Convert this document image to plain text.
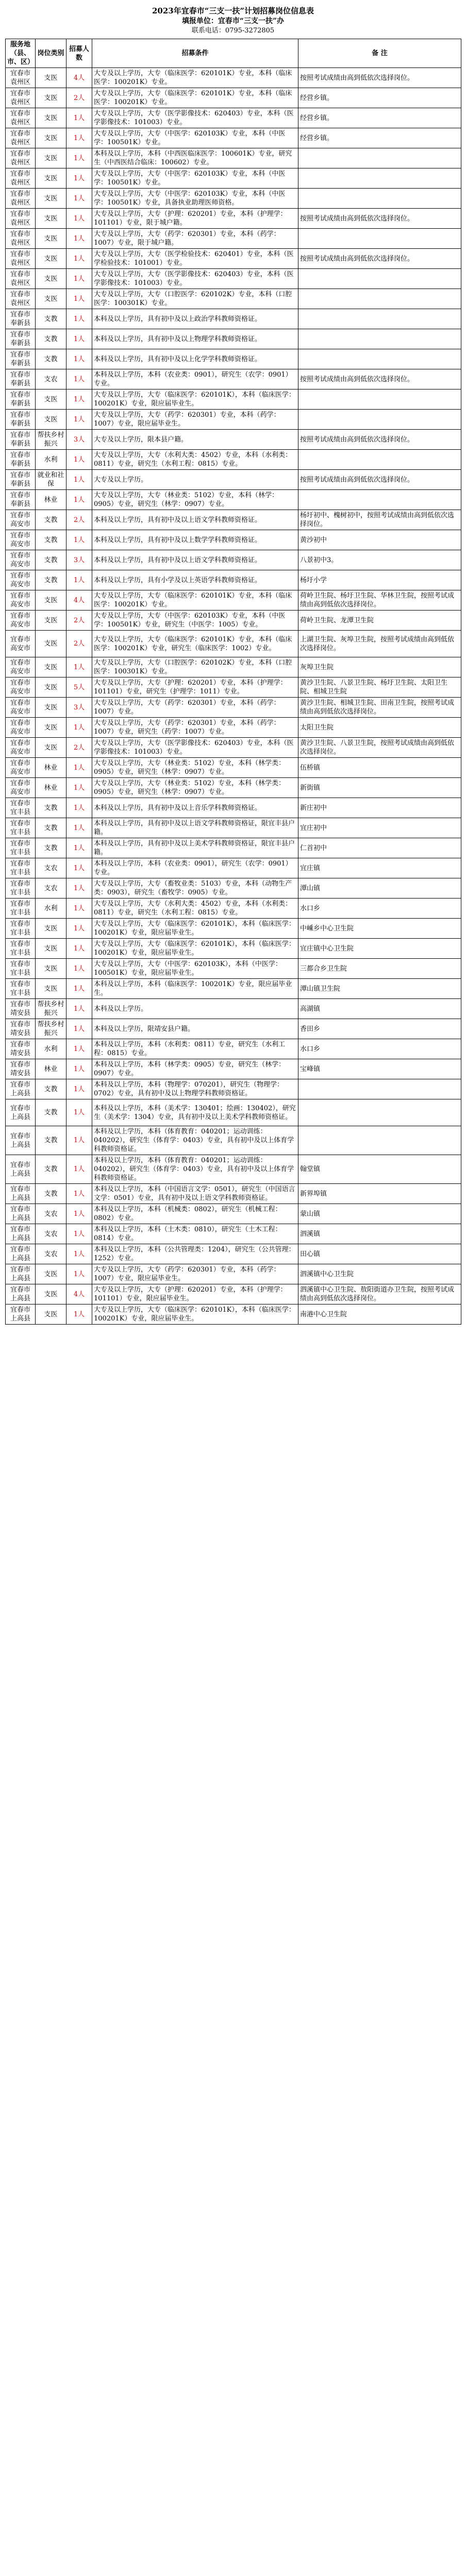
2023年宜春市“三支一扶”计划招募岗位信息表
填报单位：宜春市“三支一扶”办
联系电话：0795-3272805
服务地（县、市、区）	岗位类别	招募人数	招募条件	备 注
宜春市袁州区	支医	4人	大专及以上学历，大专（临床医学：620101K）专业，本科（临床医学：100201K）专业。	按照考试成绩由高到低依次选择岗位。
宜春市袁州区	支医	2人	大专及以上学历，大专（临床医学：620101K）专业，本科（临床医学：100201K）专业。	经营乡镇。
宜春市袁州区	支医	1人	大专及以上学历，大专（医学影像技术：620403）专业，本科（医学影像技术：101003）专业。	经营乡镇。
宜春市袁州区	支医	1人	大专及以上学历，大专（中医学：620103K）专业，本科（中医学：100501K）专业。	经营乡镇。
宜春市袁州区	支医	1人	本科及以上学历，本科（中西医临床医学：100601K）专业，研究生（中西医结合临床：100602）专业。	
宜春市袁州区	支医	1人	大专及以上学历，大专（中医学：620103K）专业，本科（中医学：100501K）专业。	
宜春市袁州区	支医	1人	大专及以上学历，大专（中医学：620103K）专业，本科（中医学：100501K）专业，具备执业助理医师资格。	
宜春市袁州区	支医	1人	大专及以上学历，大专（护理：620201）专业，本科（护理学：101101）专业，限于城户籍。	按照考试成绩由高到低依次选择岗位。
宜春市袁州区	支医	1人	大专及以上学历，大专（药学：620301）专业，本科（药学：1007）专业，限于城户籍。	
宜春市袁州区	支医	1人	大专及以上学历，大专（医学检验技术：620401）专业，本科（医学检验技术：101001）专业。	按照考试成绩由高到低依次选择岗位。
宜春市袁州区	支医	1人	大专及以上学历，大专（医学影像技术：620403）专业，本科（医学影像技术：101003）专业。	
宜春市袁州区	支医	1人	大专及以上学历，大专（口腔医学：620102K）专业，本科（口腔医学：100301K）专业。	
宜春市奉新县	支教	1人	本科及以上学历，具有初中及以上政治学科教师资格证。	
宜春市奉新县	支教	1人	本科及以上学历，具有初中及以上物理学科教师资格证。	
宜春市奉新县	支教	1人	本科及以上学历，具有初中及以上化学学科教师资格证。	
宜春市奉新县	支农	1人	本科及以上学历，本科（农业类：0901），研究生（农学：0901）专业。	按照考试成绩由高到低依次选择岗位。
宜春市奉新县	支医	1人	大专及以上学历，大专（临床医学：620101K），本科（临床医学：100201K）专业，限应届毕业生。	
宜春市奉新县	支医	1人	大专及以上学历，大专（药学：620301）专业，本科（药学：1007）专业，限应届毕业生。	
宜春市奉新县	帮扶乡村振兴	3人	大专及以上学历，限本县户籍。	按照考试成绩由高到低依次选择岗位。
宜春市奉新县	水利	1人	大专及以上学历，大专（水利大类：4502）专业，本科（水利类：0811）专业，研究生（水利工程：0815）专业。	
宜春市奉新县	就业和社保	1人	大专及以上学历。	按照考试成绩由高到低依次选择岗位。
宜春市奉新县	林业	1人	大专及以上学历，大专（林业类：5102）专业，本科（林学：0905）专业，研究生（林学：0907）专业。	
宜春市高安市	支教	2人	本科及以上学历，具有初中及以上语文学科教师资格证。	杨圩初中、槐树初中，按照考试成绩由高到低依次选择岗位。
宜春市高安市	支教	1人	本科及以上学历，具有初中及以上数学学科教师资格证。	黄沙初中
宜春市高安市	支教	3人	本科及以上学历，具有初中及以上语文学科教师资格证。	八景初中3。
宜春市高安市	支教	1人	本科及以上学历，具有小学及以上英语学科教师资格证。	杨圩小学
宜春市高安市	支医	4人	大专及以上学历，大专（临床医学：620101K）专业，本科（临床医学：100201K）专业。	荷岭卫生院、杨圩卫生院、华林卫生院，按照考试成绩由高到低依次选择岗位。
宜春市高安市	支医	2人	大专及以上学历，大专（中医学：620103K）专业，本科（中医学：100501K）专业，研究生（中医学：1005）专业。	荷岭卫生院、龙潭卫生院
宜春市高安市	支医	2人	大专及以上学历，大专（临床医学：620101K）专业，本科（临床医学：100201K）专业，研究生（临床医学：1002）专业。	上湖卫生院、灰埠卫生院，按照考试成绩由高到低依次选择岗位。
宜春市高安市	支医	1人	大专及以上学历，大专（口腔医学：620102K）专业，本科（口腔医学：100301K）专业。	灰埠卫生院
宜春市高安市	支医	5人	大专及以上学历，大专（护理：620201）专业，本科（护理学：101101）专业，研究生（护理学：1011）专业。	黄沙卫生院、八景卫生院、杨圩卫生院、太阳卫生院、相城卫生院
宜春市高安市	支医	3人	大专及以上学历，大专（药学：620301）专业，本科（药学：1007）专业。	黄沙卫生院、相城卫生院、田南卫生院，按照考试成绩由高到低依次选择岗位。
宜春市高安市	支医	1人	大专及以上学历，大专（药学：620301）专业，本科（药学：1007）专业，研究生（药学：1007）专业。	太阳卫生院
宜春市高安市	支医	2人	大专及以上学历，大专（医学影像技术：620403）专业，本科（医学影像技术：101003）专业。	黄沙卫生院、八景卫生院，按照考试成绩由高到低依次选择岗位。
宜春市高安市	林业	1人	大专及以上学历，大专（林业类：5102）专业，本科（林学类：0905）专业，研究生（林学：0907）专业。	伍桥镇
宜春市高安市	林业	1人	大专及以上学历，大专（林业类：5102）专业，本科（林学类：0905）专业，研究生（林学：0907）专业。	新街镇
宜春市宜丰县	支教	1人	本科及以上学历，具有初中及以上音乐学科教师资格证。	新庄初中
宜春市宜丰县	支教	1人	本科及以上学历，具有初中及以上语文学科教师资格证，限宜丰县户籍。	宜庄初中
宜春市宜丰县	支教	1人	本科及以上学历，具有初中及以上美术学科教师资格证，限宜丰县户籍。	仁首初中
宜春市宜丰县	支农	1人	本科及以上学历，本科（农业类：0901），研究生（农学：0901）专业。	宜庄镇
宜春市宜丰县	支农	1人	大专及以上学历，大专（畜牧业类：5103）专业，本科（动物生产类：0903），研究生（畜牧学：0905）专业。	潭山镇
宜春市宜丰县	水利	1人	大专及以上学历，大专（水利大类：4502）专业，本科（水利类：0811）专业，研究生（水利工程：0815）专业。	水口乡
宜春市宜丰县	支医	1人	大专及以上学历，大专（临床医学：620101K），本科（临床医学：100201K）专业，限应届毕业生。	中嵊乡中心卫生院
宜春市宜丰县	支医	1人	大专及以上学历，大专（临床医学：620101K），本科（临床医学：100201K）专业，限应届毕业生。	宜庄镇中心卫生院
宜春市宜丰县	支医	1人	大专及以上学历，大专（中医学：620103K），本科（中医学：100501K）专业，限应届毕业生。	三都合乡卫生院
宜春市宜丰县	支医	1人	本科及以上学历，本科（临床医学：100201K）专业，限应届毕业生。	潭山镇卫生院
宜春市靖安县	帮扶乡村振兴	1人	本科及以上学历。	高湖镇
宜春市靖安县	帮扶乡村振兴	1人	本科及以上学历，限靖安县户籍。	香田乡
宜春市靖安县	水利	1人	本科及以上学历，本科（水利类：0811）专业，研究生（水利工程：0815）专业。	水口乡
宜春市靖安县	林业	1人	本科及以上学历，本科（林学类：0905）专业，研究生（林学：0907）专业。	宝峰镇
宜春市上高县	支教	1人	本科及以上学历，本科（物理学：070201），研究生（物理学：0702）专业，具有初中及以上物理学科教师资格证。	
宜春市上高县	支教	1人	本科及以上学历，本科（美术学：130401；绘画：130402），研究生（美术学：1304）专业，具有初中及以上美术学科教师资格证。	
宜春市上高县	支教	1人	本科及以上学历，本科（体育教育：040201；运动训练：040202），研究生（体育学：0403）专业，具有初中及以上体育学科教师资格证。	
宜春市上高县	支教	1人	本科及以上学历，本科（体育教育：040201；运动训练：040202），研究生（体育学：0403）专业，具有初中及以上体育学科教师资格证。	翰堂镇
宜春市上高县	支教	1人	本科及以上学历，本科（中国语言文学：0501），研究生（中国语言文学：0501）专业，具有初中及以上语文学科教师资格证。	新界埠镇
宜春市上高县	支农	1人	本科及以上学历，本科（机械类：0802），研究生（机械工程：0802）专业。	蒙山镇
宜春市上高县	支农	1人	本科及以上学历，本科（土木类：0810），研究生（土木工程：0814）专业。	泗溪镇
宜春市上高县	支农	1人	本科及以上学历，本科（公共管理类：1204），研究生（公共管理：1252）专业。	田心镇
宜春市上高县	支医	1人	大专及以上学历，大专（药学：620301）专业，本科（药学：1007）专业，限应届毕业生。	泗溪镇中心卫生院
宜春市上高县	支医	4人	大专及以上学历，大专（护理：620201）专业，本科（护理学：101101）专业，限应届毕业生。	泗溪镇中心卫生院、敖阳街道办卫生院，按照考试成绩由高到低依次选择岗位。
宜春市上高县	支医	1人	大专及以上学历，大专（临床医学：620101K），本科（临床医学：100201K）专业，限应届毕业生。	南港中心卫生院
